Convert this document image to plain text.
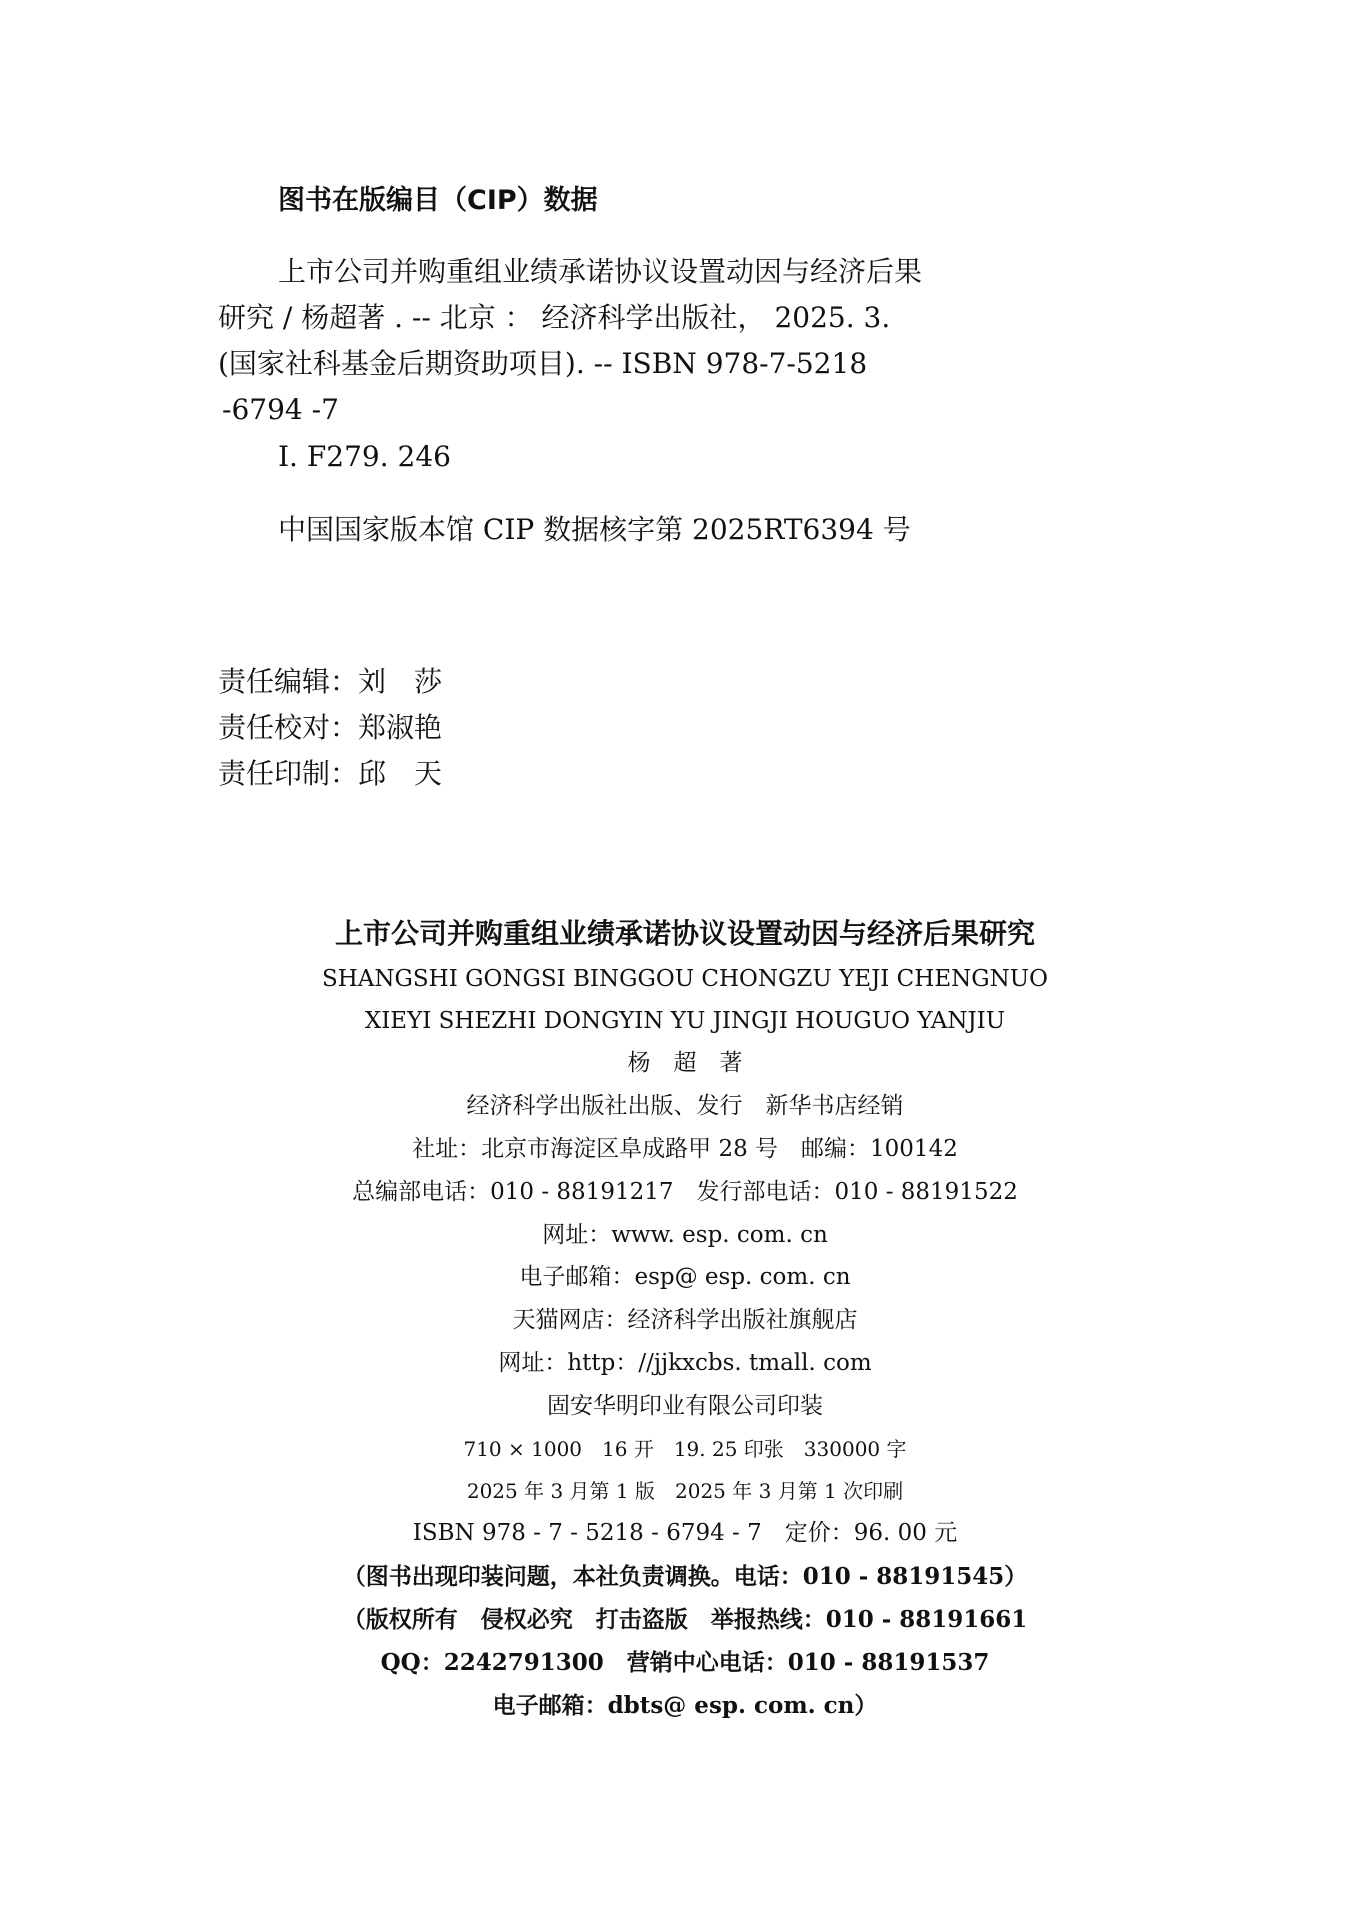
图书在版编目（CIP）数据
上市公司并购重组业绩承诺协议设置动因与经济后果
研究 / 杨超著 . -- 北京 ： 经济科学出版社， 2025. 3.
(国家社科基金后期资助项目). -- ISBN 978-7-5218
-6794 -7
Ⅰ. F279. 246
中国国家版本馆 CIP 数据核字第 2025RT6394 号
责任编辑：刘　莎
责任校对：郑淑艳
责任印制：邱　天
上市公司并购重组业绩承诺协议设置动因与经济后果研究
SHANGSHI GONGSI BINGGOU CHONGZU YEJI CHENGNUO
XIEYI SHEZHI DONGYIN YU JINGJI HOUGUO YANJIU
杨　超　著
经济科学出版社出版、发行　新华书店经销
社址：北京市海淀区阜成路甲 28 号　邮编：100142
总编部电话：010 - 88191217　发行部电话：010 - 88191522
网址：www. esp. com. cn
电子邮箱：esp@ esp. com. cn
天猫网店：经济科学出版社旗舰店
网址：http：//jjkxcbs. tmall. com
固安华明印业有限公司印装
710 × 1000　16 开　19. 25 印张　330000 字
2025 年 3 月第 1 版　2025 年 3 月第 1 次印刷
ISBN 978 - 7 - 5218 - 6794 - 7　定价：96. 00 元
（图书出现印装问题，本社负责调换。电话：010 - 88191545）
（版权所有　侵权必究　打击盗版　举报热线：010 - 88191661
QQ：2242791300　营销中心电话：010 - 88191537
电子邮箱：dbts@ esp. com. cn）
